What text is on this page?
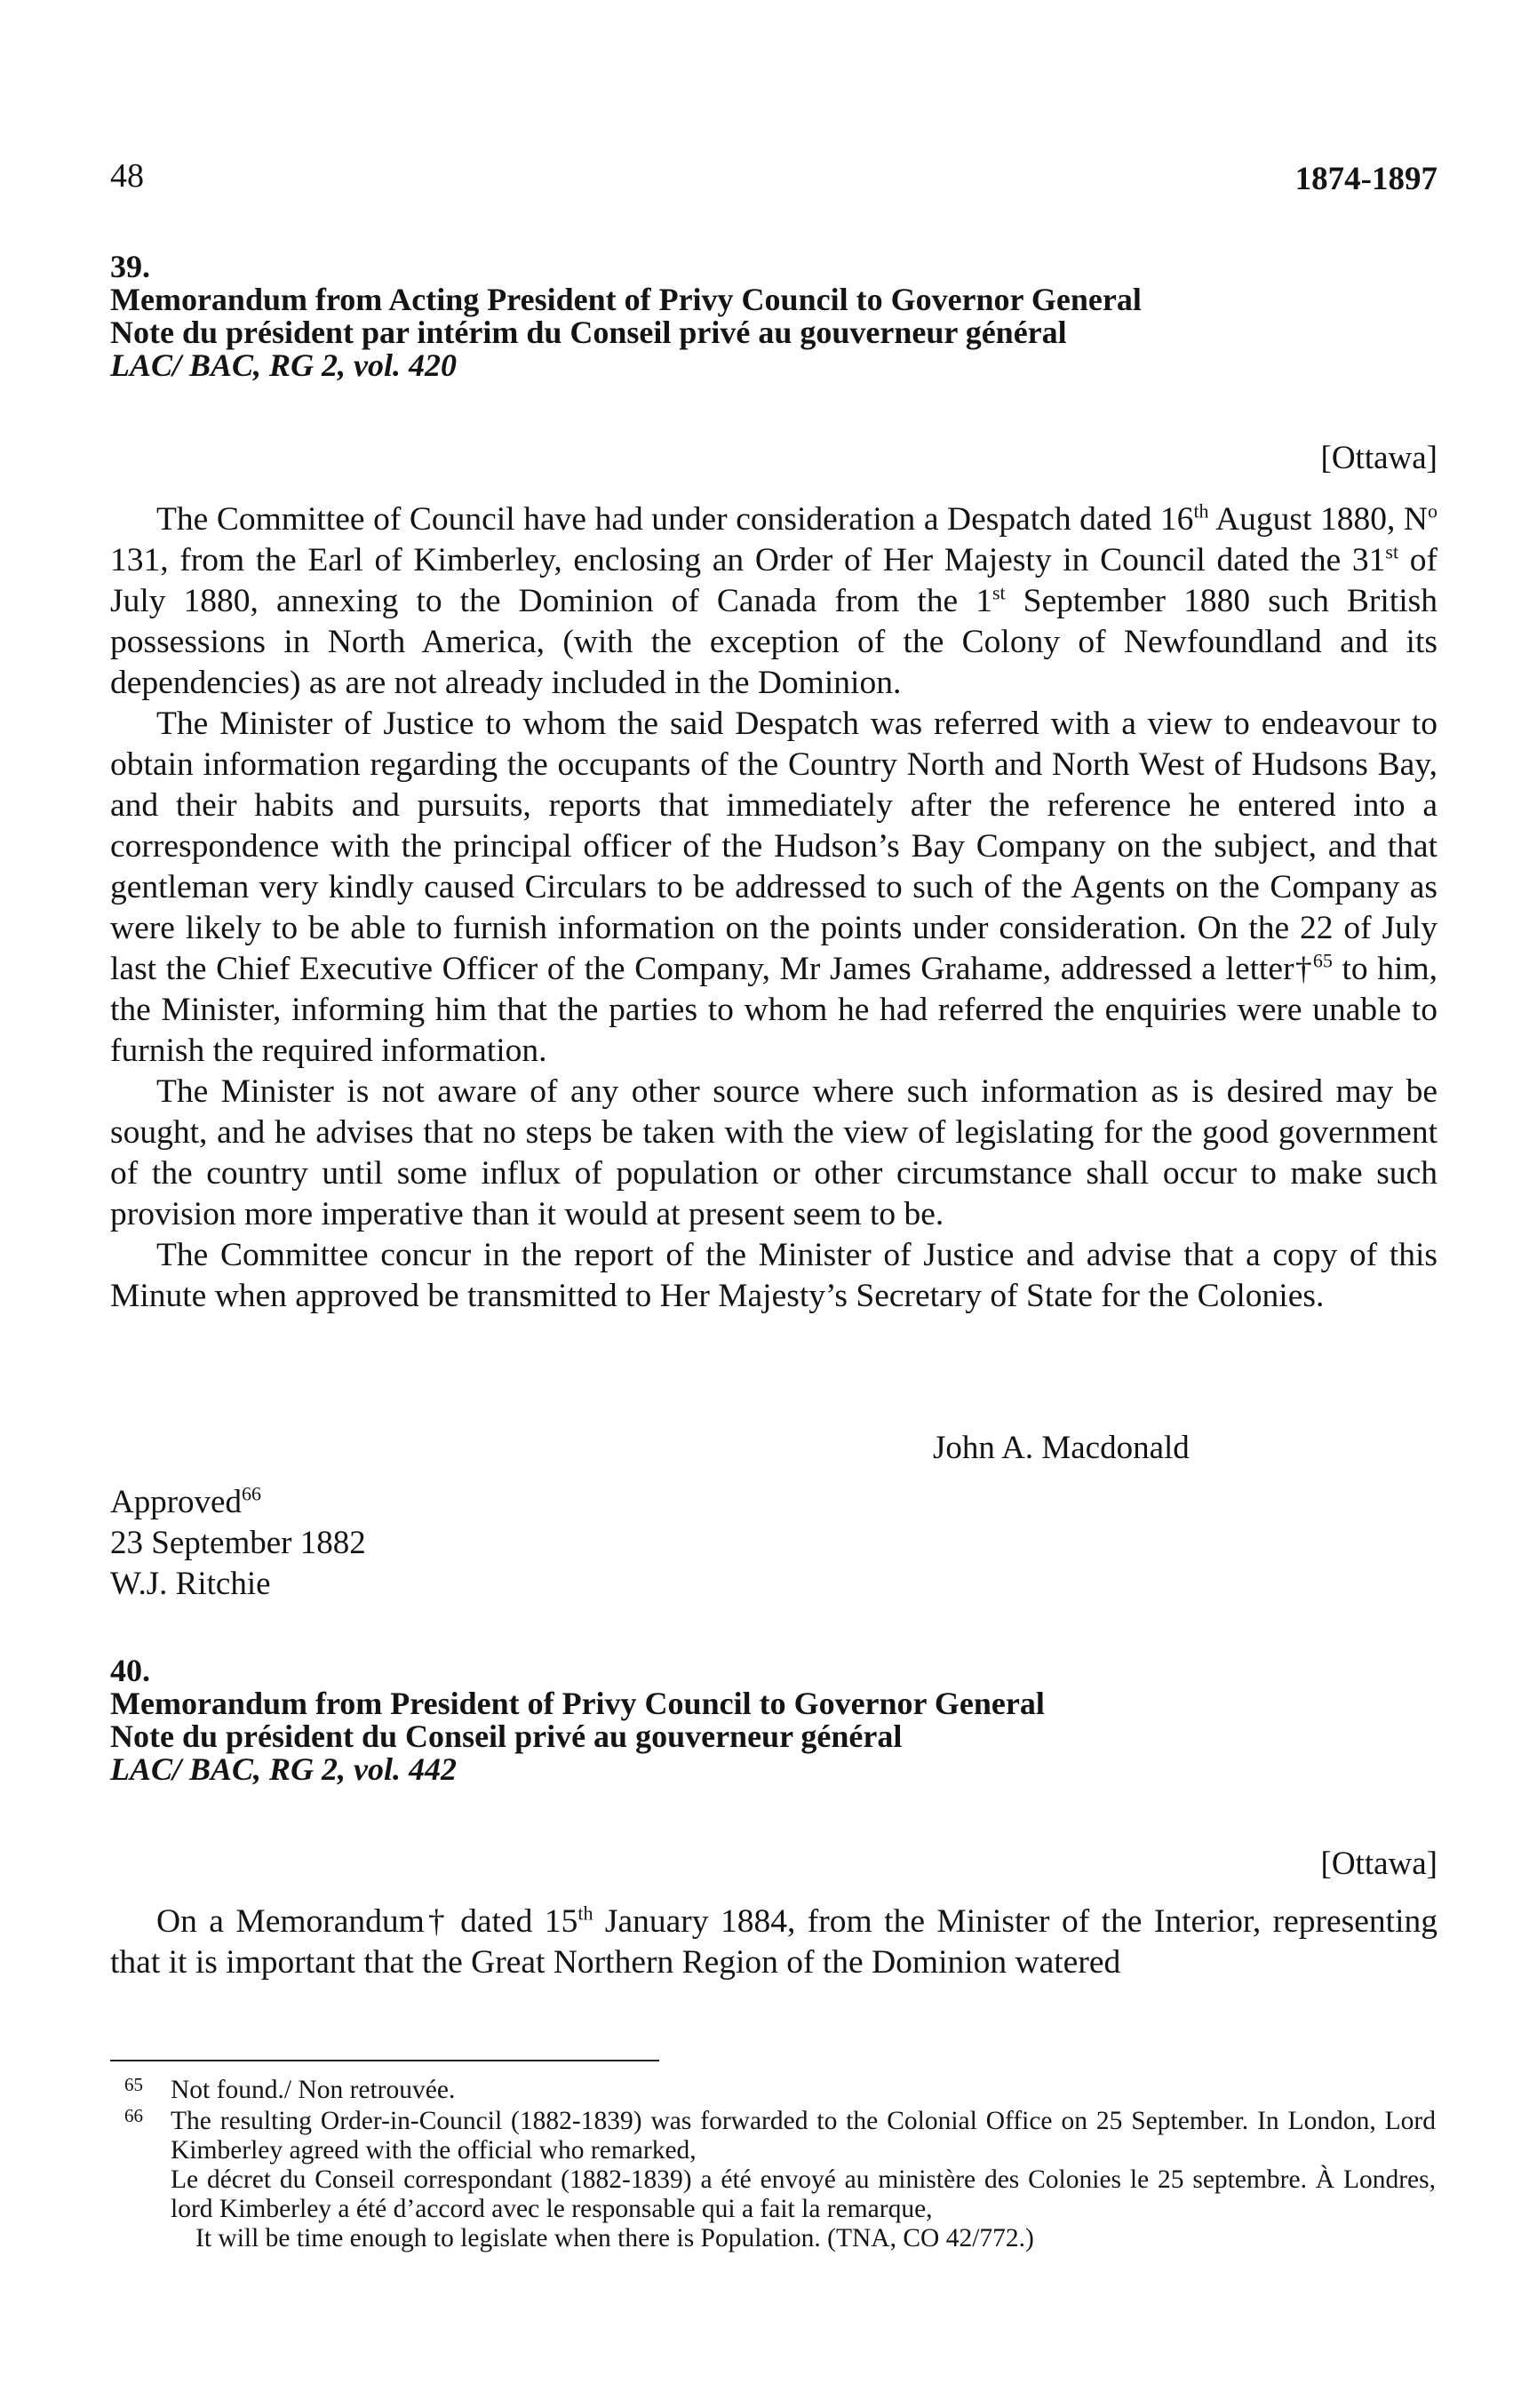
48	1874-1897
39.
Memorandum from Acting President of Privy Council to Governor General
Note du président par intérim du Conseil privé au gouverneur général
LAC/ BAC, RG 2, vol. 420
[Ottawa]

The Committee of Council have had under consideration a Despatch dated 16th August 1880, $N^o$ 131, from the Earl of Kimberley, enclosing an Order of Her Majesty in Council dated the 31st of July 1880, annexing to the Dominion of Canada from the 1st September 1880 such British possessions in North America, (with the exception of the Colony of Newfoundland and its dependencies) as are not already included in the Dominion.

The Minister of Justice to whom the said Despatch was referred with a view to endeavour to obtain information regarding the occupants of the Country North and North West of Hudsons Bay, and their habits and pursuits, reports that immediately after the reference he entered into a correspondence with the principal officer of the Hudson’s Bay Company on the subject, and that gentleman very kindly caused Circulars to be addressed to such of the Agents on the Company as were likely to be able to furnish information on the points under consideration. On the 22 of July last the Chief Executive Officer of the Company, Mr James Grahame, addressed a letter†$^{65}$ to him, the Minister, informing him that the parties to whom he had referred the enquiries were unable to furnish the required information.

The Minister is not aware of any other source where such information as is desired may be sought, and he advises that no steps be taken with the view of legislating for the good government of the country until some influx of population or other circumstance shall occur to make such provision more imperative than it would at present seem to be.

The Committee concur in the report of the Minister of Justice and advise that a copy of this Minute when approved be transmitted to Her Majesty’s Secretary of State for the Colonies.

John A. Macdonald
Approved$^{66}$
23 September 1882
W.J. Ritchie
40.
Memorandum from President of Privy Council to Governor General
Note du président du Conseil privé au gouverneur général
LAC/ BAC, RG 2, vol. 442
[Ottawa]

On a Memorandum† dated 15th January 1884, from the Minister of the Interior, representing that it is important that the Great Northern Region of the Dominion watered

65 Not found./ Non retrouvée.
66 The resulting Order-in-Council (1882-1839) was forwarded to the Colonial Office on 25 September. In London, Lord Kimberley agreed with the official who remarked,
Le décret du Conseil correspondant (1882-1839) a été envoyé au ministère des Colonies le 25 septembre. À Londres, lord Kimberley a été d’accord avec le responsable qui a fait la remarque,
It will be time enough to legislate when there is Population. (TNA, CO 42/772.)
